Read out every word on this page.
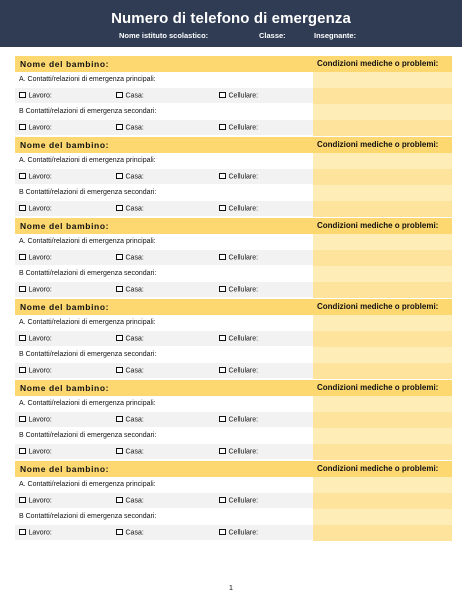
Numero di telefono di emergenza
Nome istituto scolastico:	Classe:	Insegnante:
Nome del bambino:	Condizioni mediche o problemi:
A. Contatti/relazioni di emergenza principali:
Lavoro:	Casa:	Cellulare:
B Contatti/relazioni di emergenza secondari:
Lavoro:	Casa:	Cellulare:
Nome del bambino:	Condizioni mediche o problemi:
A. Contatti/relazioni di emergenza principali:
Lavoro:	Casa:	Cellulare:
B Contatti/relazioni di emergenza secondari:
Lavoro:	Casa:	Cellulare:
Nome del bambino:	Condizioni mediche o problemi:
A. Contatti/relazioni di emergenza principali:
Lavoro:	Casa:	Cellulare:
B Contatti/relazioni di emergenza secondari:
Lavoro:	Casa:	Cellulare:
Nome del bambino:	Condizioni mediche o problemi:
A. Contatti/relazioni di emergenza principali:
Lavoro:	Casa:	Cellulare:
B Contatti/relazioni di emergenza secondari:
Lavoro:	Casa:	Cellulare:
Nome del bambino:	Condizioni mediche o problemi:
A. Contatti/relazioni di emergenza principali:
Lavoro:	Casa:	Cellulare:
B Contatti/relazioni di emergenza secondari:
Lavoro:	Casa:	Cellulare:
Nome del bambino:	Condizioni mediche o problemi:
A. Contatti/relazioni di emergenza principali:
Lavoro:	Casa:	Cellulare:
B Contatti/relazioni di emergenza secondari:
Lavoro:	Casa:	Cellulare:
1
